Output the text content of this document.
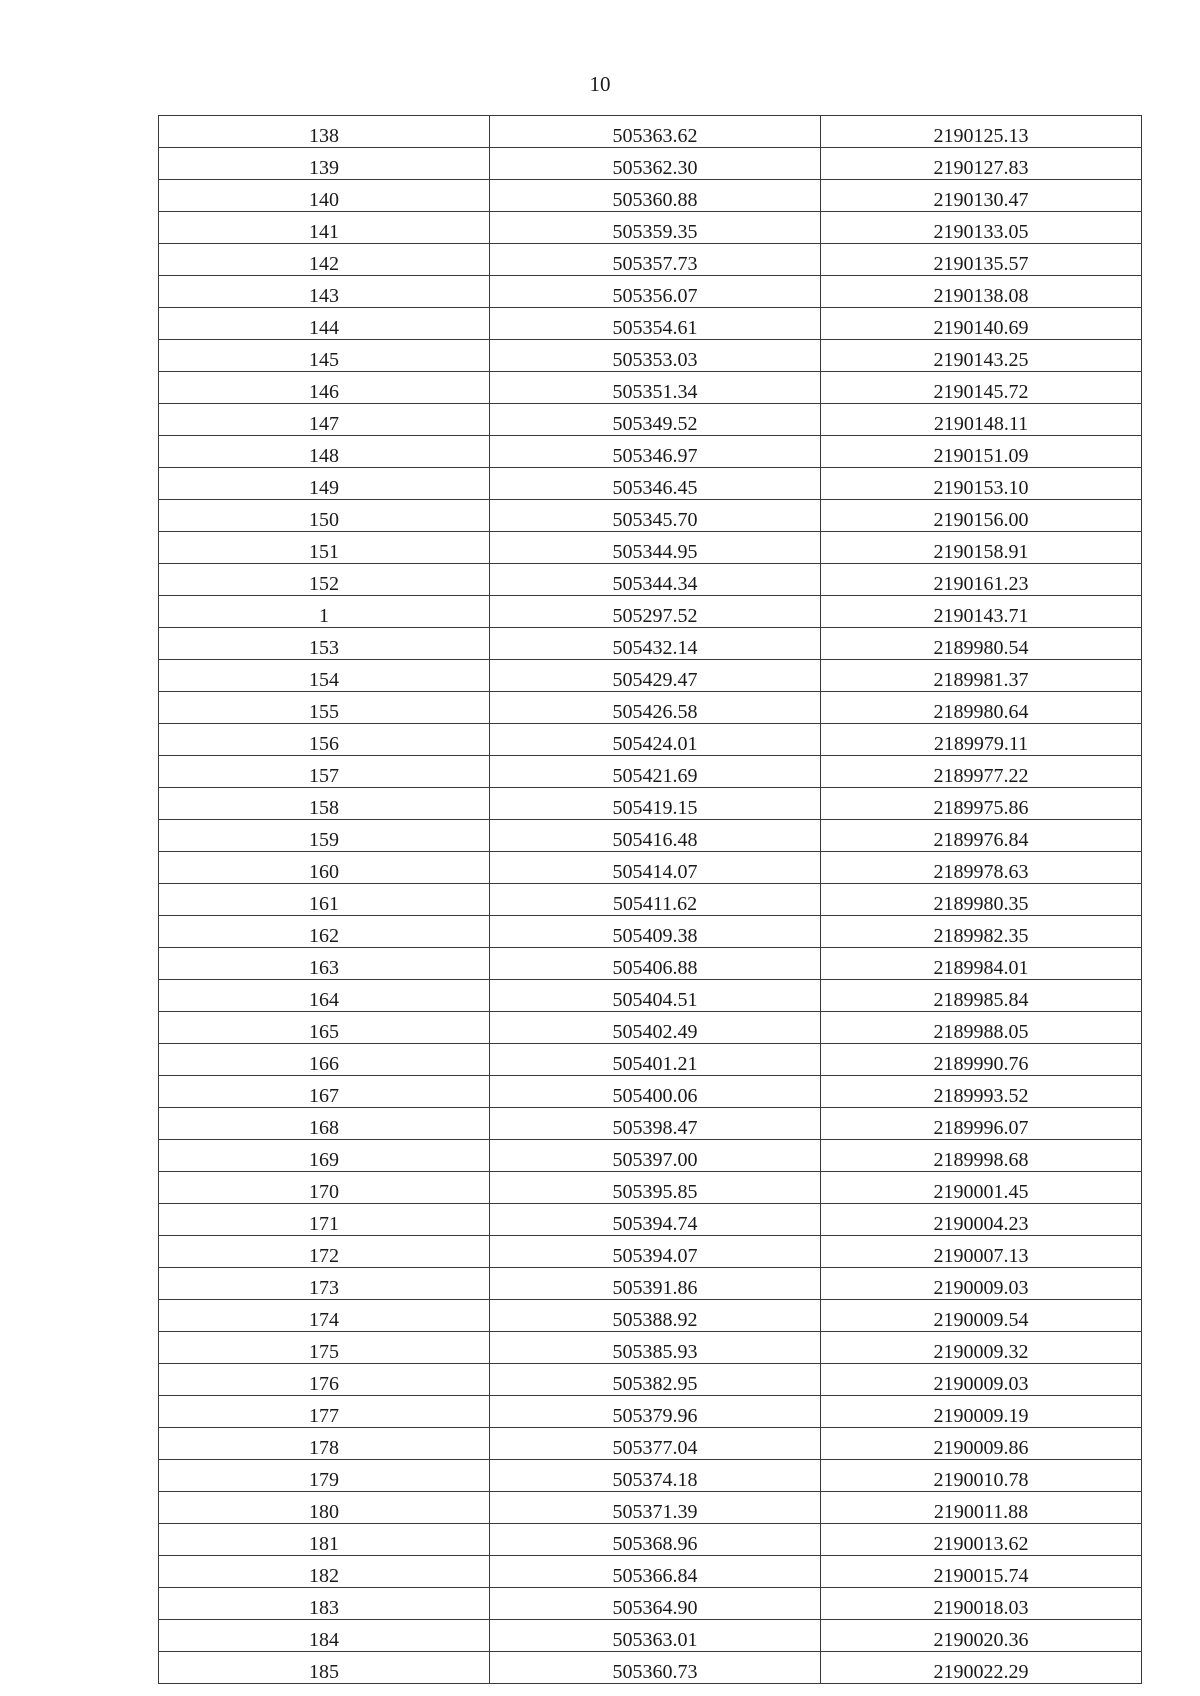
10
138	505363.62	2190125.13
139	505362.30	2190127.83
140	505360.88	2190130.47
141	505359.35	2190133.05
142	505357.73	2190135.57
143	505356.07	2190138.08
144	505354.61	2190140.69
145	505353.03	2190143.25
146	505351.34	2190145.72
147	505349.52	2190148.11
148	505346.97	2190151.09
149	505346.45	2190153.10
150	505345.70	2190156.00
151	505344.95	2190158.91
152	505344.34	2190161.23
1	505297.52	2190143.71
153	505432.14	2189980.54
154	505429.47	2189981.37
155	505426.58	2189980.64
156	505424.01	2189979.11
157	505421.69	2189977.22
158	505419.15	2189975.86
159	505416.48	2189976.84
160	505414.07	2189978.63
161	505411.62	2189980.35
162	505409.38	2189982.35
163	505406.88	2189984.01
164	505404.51	2189985.84
165	505402.49	2189988.05
166	505401.21	2189990.76
167	505400.06	2189993.52
168	505398.47	2189996.07
169	505397.00	2189998.68
170	505395.85	2190001.45
171	505394.74	2190004.23
172	505394.07	2190007.13
173	505391.86	2190009.03
174	505388.92	2190009.54
175	505385.93	2190009.32
176	505382.95	2190009.03
177	505379.96	2190009.19
178	505377.04	2190009.86
179	505374.18	2190010.78
180	505371.39	2190011.88
181	505368.96	2190013.62
182	505366.84	2190015.74
183	505364.90	2190018.03
184	505363.01	2190020.36
185	505360.73	2190022.29
